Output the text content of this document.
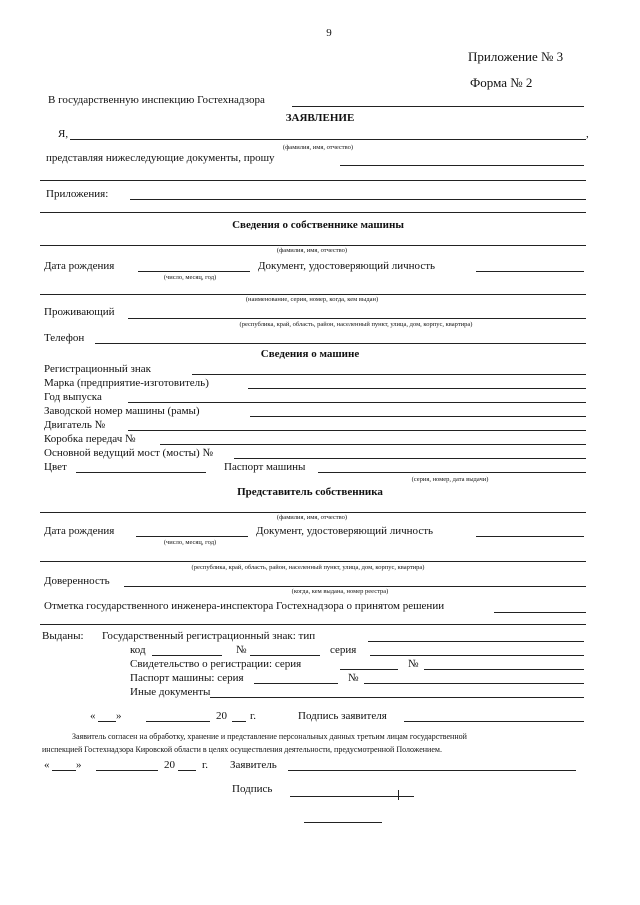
9
Приложение № 3
Форма № 2
В государственную инспекцию Гостехнадзора
ЗАЯВЛЕНИЕ
Я,	,
(фамилия, имя, отчество)
представляя нижеследующие документы, прошу
Приложения:
Сведения о собственнике машины
(фамилия, имя, отчество)
Дата рождения	Документ, удостоверяющий личность
(число, месяц, год)
(наименование, серия, номер, когда, кем выдан)
Проживающий
(республика, край, область, район, населенный пункт, улица, дом, корпус, квартира)
Телефон
Сведения о машине
Регистрационный знак
Марка (предприятие-изготовитель)
Год выпуска
Заводской номер машины (рамы)
Двигатель №
Коробка передач №
Основной ведущий мост (мосты) №
Цвет	Паспорт машины
(серия, номер, дата выдачи)
Представитель собственника
(фамилия, имя, отчество)
Дата рождения	Документ, удостоверяющий личность
(число, месяц, год)
(республика, край, область, район, населенный пункт, улица, дом, корпус, квартира)
Доверенность
(когда, кем выдана, номер реестра)
Отметка государственного инженера-инспектора Гостехнадзора о принятом решении
Выданы: Государственный регистрационный знак: тип
код	№	серия
Свидетельство о регистрации: серия	№
Паспорт машины: серия	№
Иные документы
« »	20 г.	Подпись заявителя
Заявитель согласен на обработку, хранение и представление персональных данных третьим лицам государственной
инспекцией Гостехнадзора Кировской области в целях осуществления деятельности, предусмотренной Положением.
« »	20 г. Заявитель
Подпись
